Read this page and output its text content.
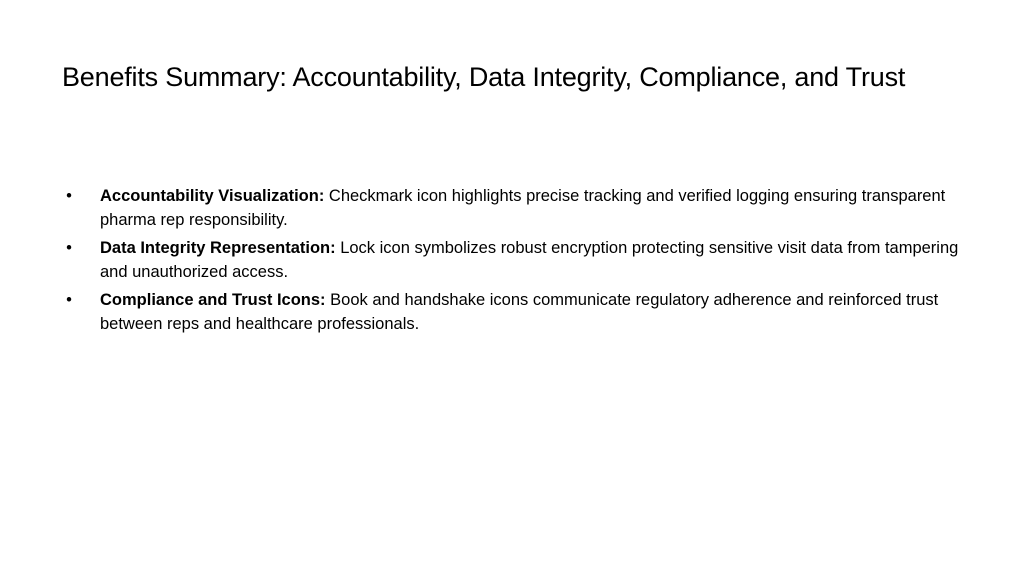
Benefits Summary: Accountability, Data Integrity, Compliance, and Trust
• Accountability Visualization: Checkmark icon highlights precise tracking and verified logging ensuring transparent pharma rep responsibility.
• Data Integrity Representation: Lock icon symbolizes robust encryption protecting sensitive visit data from tampering and unauthorized access.
• Compliance and Trust Icons: Book and handshake icons communicate regulatory adherence and reinforced trust between reps and healthcare professionals.
